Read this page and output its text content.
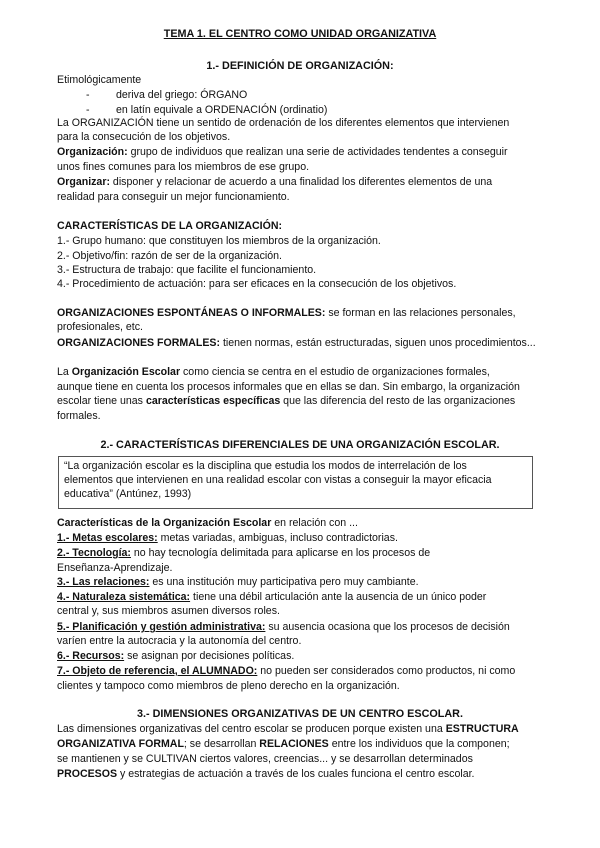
TEMA 1. EL CENTRO COMO UNIDAD ORGANIZATIVA
1.- DEFINICIÓN DE ORGANIZACIÓN:
Etimológicamente
- deriva del griego: ÓRGANO
- en latín equivale a ORDENACIÓN (ordinatio)
La ORGANIZACIÓN tiene un sentido de ordenación de los diferentes elementos que intervienen
para la consecución de los objetivos.
Organización: grupo de individuos que realizan una serie de actividades tendentes a conseguir
unos fines comunes para los miembros de ese grupo.
Organizar: disponer y relacionar de acuerdo a una finalidad los diferentes elementos de una
realidad para conseguir un mejor funcionamiento.
CARACTERÍSTICAS DE LA ORGANIZACIÓN:
1.- Grupo humano: que constituyen los miembros de la organización.
2.- Objetivo/fin: razón de ser de la organización.
3.- Estructura de trabajo: que facilite el funcionamiento.
4.- Procedimiento de actuación: para ser eficaces en la consecución de los objetivos.
ORGANIZACIONES ESPONTÁNEAS O INFORMALES: se forman en las relaciones personales,
profesionales, etc.
ORGANIZACIONES FORMALES: tienen normas, están estructuradas, siguen unos procedimientos...
La Organización Escolar como ciencia se centra en el estudio de organizaciones formales,
aunque tiene en cuenta los procesos informales que en ellas se dan. Sin embargo, la organización
escolar tiene unas características específicas que las diferencia del resto de las organizaciones
formales.
2.- CARACTERÍSTICAS DIFERENCIALES DE UNA ORGANIZACIÓN ESCOLAR.
“La organización escolar es la disciplina que estudia los modos de interrelación de los
elementos que intervienen en una realidad escolar con vistas a conseguir la mayor eficacia
educativa” (Antúnez, 1993)
Características de la Organización Escolar en relación con ...
1.- Metas escolares: metas variadas, ambiguas, incluso contradictorias.
2.- Tecnología: no hay tecnología delimitada para aplicarse en los procesos de
Enseñanza-Aprendizaje.
3.- Las relaciones: es una institución muy participativa pero muy cambiante.
4.- Naturaleza sistemática: tiene una débil articulación ante la ausencia de un único poder
central y, sus miembros asumen diversos roles.
5.- Planificación y gestión administrativa: su ausencia ocasiona que los procesos de decisión
varíen entre la autocracia y la autonomía del centro.
6.- Recursos: se asignan por decisiones políticas.
7.- Objeto de referencia, el ALUMNADO: no pueden ser considerados como productos, ni como
clientes y tampoco como miembros de pleno derecho en la organización.
3.- DIMENSIONES ORGANIZATIVAS DE UN CENTRO ESCOLAR.
Las dimensiones organizativas del centro escolar se producen porque existen una ESTRUCTURA
ORGANIZATIVA FORMAL; se desarrollan RELACIONES entre los individuos que la componen;
se mantienen y se CULTIVAN ciertos valores, creencias... y se desarrollan determinados
PROCESOS y estrategias de actuación a través de los cuales funciona el centro escolar.
